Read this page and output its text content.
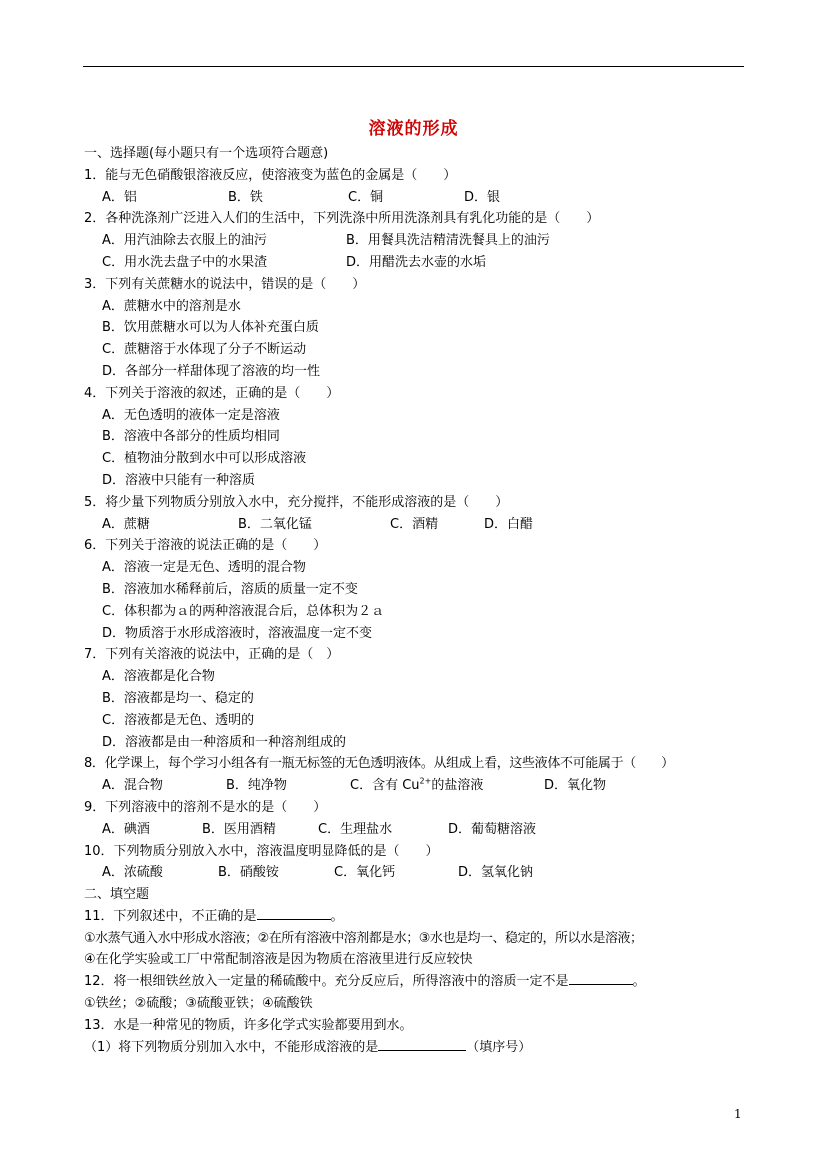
溶液的形成
一、选择题(每小题只有一个选项符合题意)
1．能与无色硝酸银溶液反应，使溶液变为蓝色的金属是（　　）
A．铝	B．铁	C．铜	D．银
2．各种洗涤剂广泛进入人们的生活中，下列洗涤中所用洗涤剂具有乳化功能的是（　　）
A．用汽油除去衣服上的油污	B．用餐具洗洁精清洗餐具上的油污
C．用水洗去盘子中的水果渣	D．用醋洗去水壶的水垢
3．下列有关蔗糖水的说法中，错误的是（　　）
A．蔗糖水中的溶剂是水
B．饮用蔗糖水可以为人体补充蛋白质
C．蔗糖溶于水体现了分子不断运动
D．各部分一样甜体现了溶液的均一性
4．下列关于溶液的叙述，正确的是（　　）
A．无色透明的液体一定是溶液
B．溶液中各部分的性质均相同
C．植物油分散到水中可以形成溶液
D．溶液中只能有一种溶质
5．将少量下列物质分别放入水中，充分搅拌，不能形成溶液的是（　　）
A．蔗糖	B．二氧化锰	C．酒精	D．白醋
6．下列关于溶液的说法正确的是（　　）
A．溶液一定是无色、透明的混合物
B．溶液加水稀释前后，溶质的质量一定不变
C．体积都为ａ的两种溶液混合后，总体积为２ａ
D．物质溶于水形成溶液时，溶液温度一定不变
7．下列有关溶液的说法中，正确的是（　）
A．溶液都是化合物
B．溶液都是均一、稳定的
C．溶液都是无色、透明的
D．溶液都是由一种溶质和一种溶剂组成的
8．化学课上，每个学习小组各有一瓶无标签的无色透明液体。从组成上看，这些液体不可能属于（　　）
A．混合物	B．纯净物	C．含有 $Cu^{2+}$的盐溶液	D．氧化物
9．下列溶液中的溶剂不是水的是（　　）
A．碘酒	B．医用酒精	C．生理盐水	D．葡萄糖溶液
10．下列物质分别放入水中，溶液温度明显降低的是（　　）
A．浓硫酸	B．硝酸铵	C．氧化钙	D．氢氧化钠
二、填空题
11．下列叙述中，不正确的是	。
①水蒸气通入水中形成水溶液；②在所有溶液中溶剂都是水；③水也是均一、稳定的，所以水是溶液；
④在化学实验或工厂中常配制溶液是因为物质在溶液里进行反应较快
12．将一根细铁丝放入一定量的稀硫酸中。充分反应后，所得溶液中的溶质一定不是	。
①铁丝；②硫酸；③硫酸亚铁；④硫酸铁
13．水是一种常见的物质，许多化学式实验都要用到水。
（1）将下列物质分别加入水中，不能形成溶液的是	（填序号）
1
